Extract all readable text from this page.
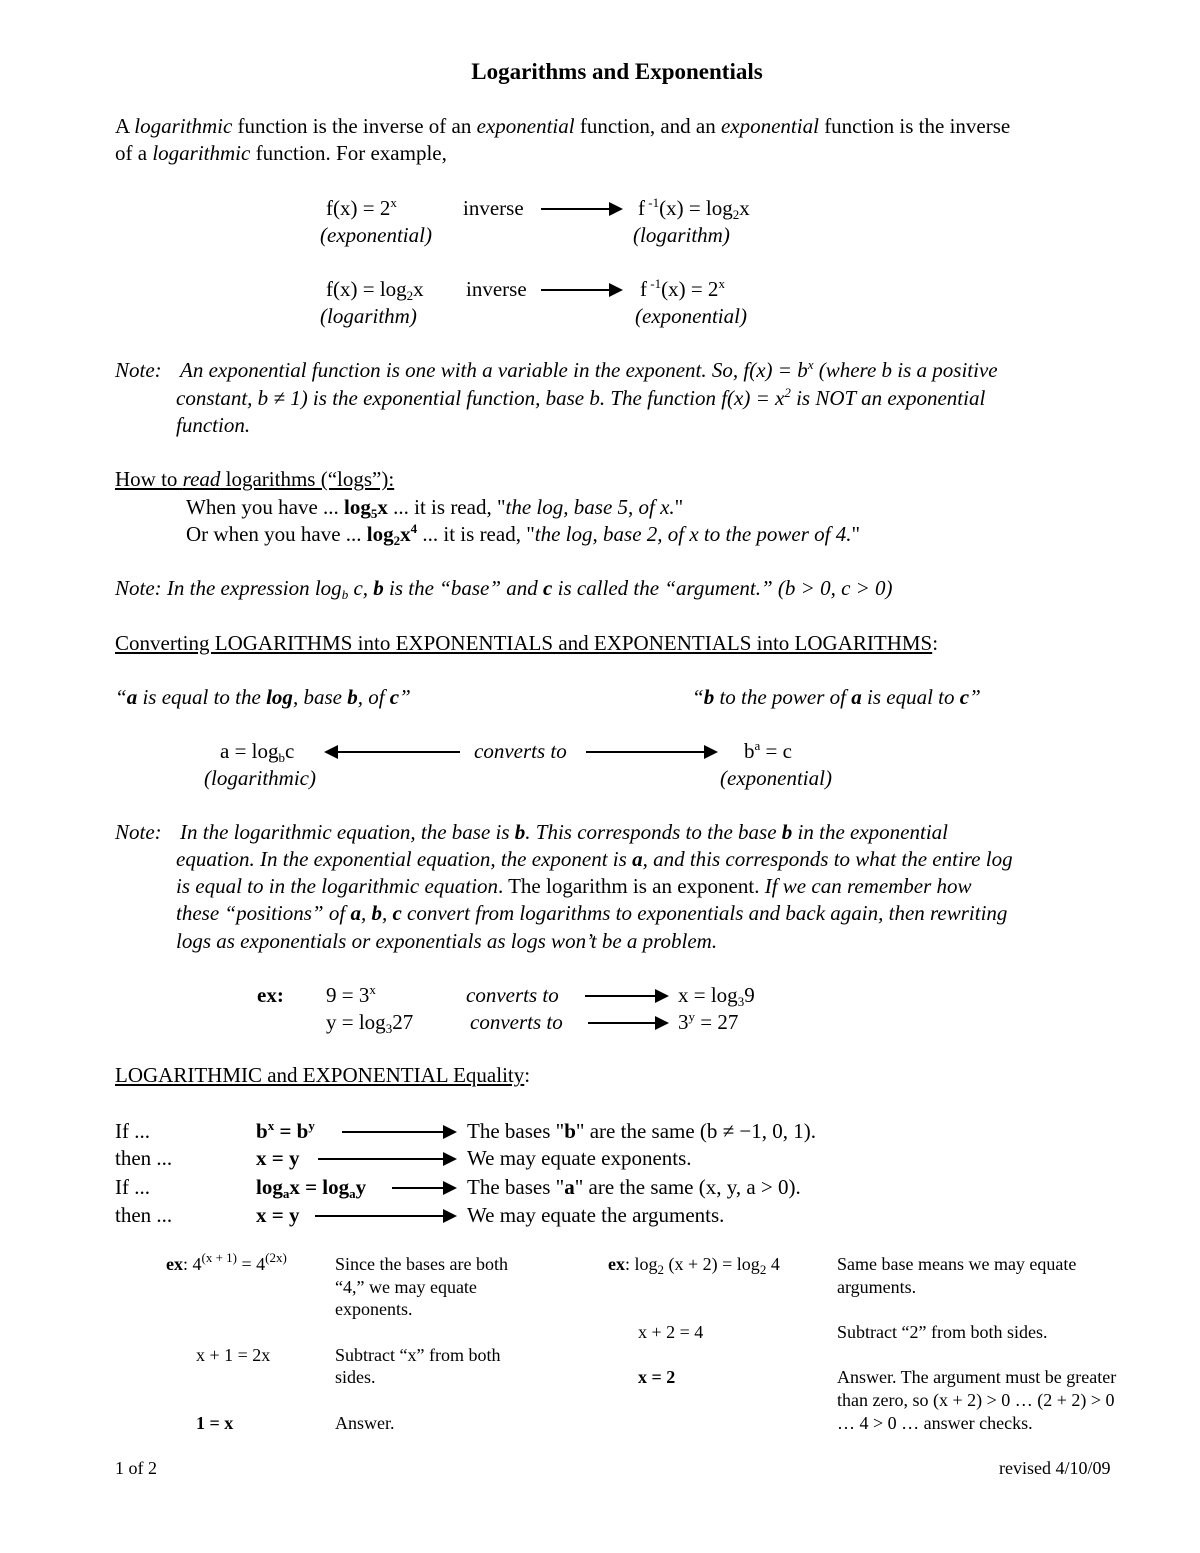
Logarithms and Exponentials
A logarithmic function is the inverse of an exponential function, and an exponential function is the inverse
of a logarithmic function. For example,
$f(x) = 2^x$	inverse	f $^{-1}(x) = \log_2x$
(exponential)	(logarithm)
$f(x) = \log_2x$ inverse	f $^{-1}(x) = 2^x$
(logarithm)	(exponential)
Note: An exponential function is one with a variable in the exponent. So, $f(x) = b^x$ (where b is a positive
constant, b ≠ 1) is the exponential function, base b. The function $f(x) = x^2$ is NOT an exponential
function.
How to read logarithms (“logs”):
When you have ... $\log_5x$ ... it is read, "the log, base 5, of x."
Or when you have ... $\log_2x^4$ ... it is read, "the log, base 2, of x to the power of 4."
Note: In the expression $\log_b c$, b is the “base” and c is called the “argument.” (b > 0, c > 0)
Converting LOGARITHMS into EXPONENTIALS and EXPONENTIALS into LOGARITHMS:
“a is equal to the log, base b, of c”	“b to the power of a is equal to c”
$a = \log_bc$	converts to	$b^a = c$
(logarithmic)	(exponential)
Note: In the logarithmic equation, the base is b. This corresponds to the base b in the exponential
equation. In the exponential equation, the exponent is a, and this corresponds to what the entire log
is equal to in the logarithmic equation. The logarithm is an exponent. If we can remember how
these “positions” of a, b, c convert from logarithms to exponentials and back again, then rewriting
logs as exponentials or exponentials as logs won’t be a problem.
ex: $9 = 3^x$	converts to	$x = \log_39$
$y = \log_327$	converts to	$3^y = 27$
LOGARITHMIC and EXPONENTIAL Equality:
If ...	$b^x = b^y$	The bases "b" are the same (b ≠ −1, 0, 1).
then ...	x = y	We may equate exponents.
If ...	$\log_ax = \log_ay$	The bases "a" are the same (x, y, a > 0).
then ...	x = y	We may equate the arguments.
ex: $4^{(x + 1)} = 4^{(2x)}$	Since the bases are both
“4,” we may equate
exponents.
x + 1 = 2x	Subtract “x” from both
sides.
1 = x	Answer.
ex: $\log_2 (x + 2) = \log_2 4$	Same base means we may equate
arguments.
x + 2 = 4	Subtract “2” from both sides.
x = 2	Answer. The argument must be greater
than zero, so (x + 2) > 0 … (2 + 2) > 0
… 4 > 0 … answer checks.
1 of 2	revised 4/10/09
